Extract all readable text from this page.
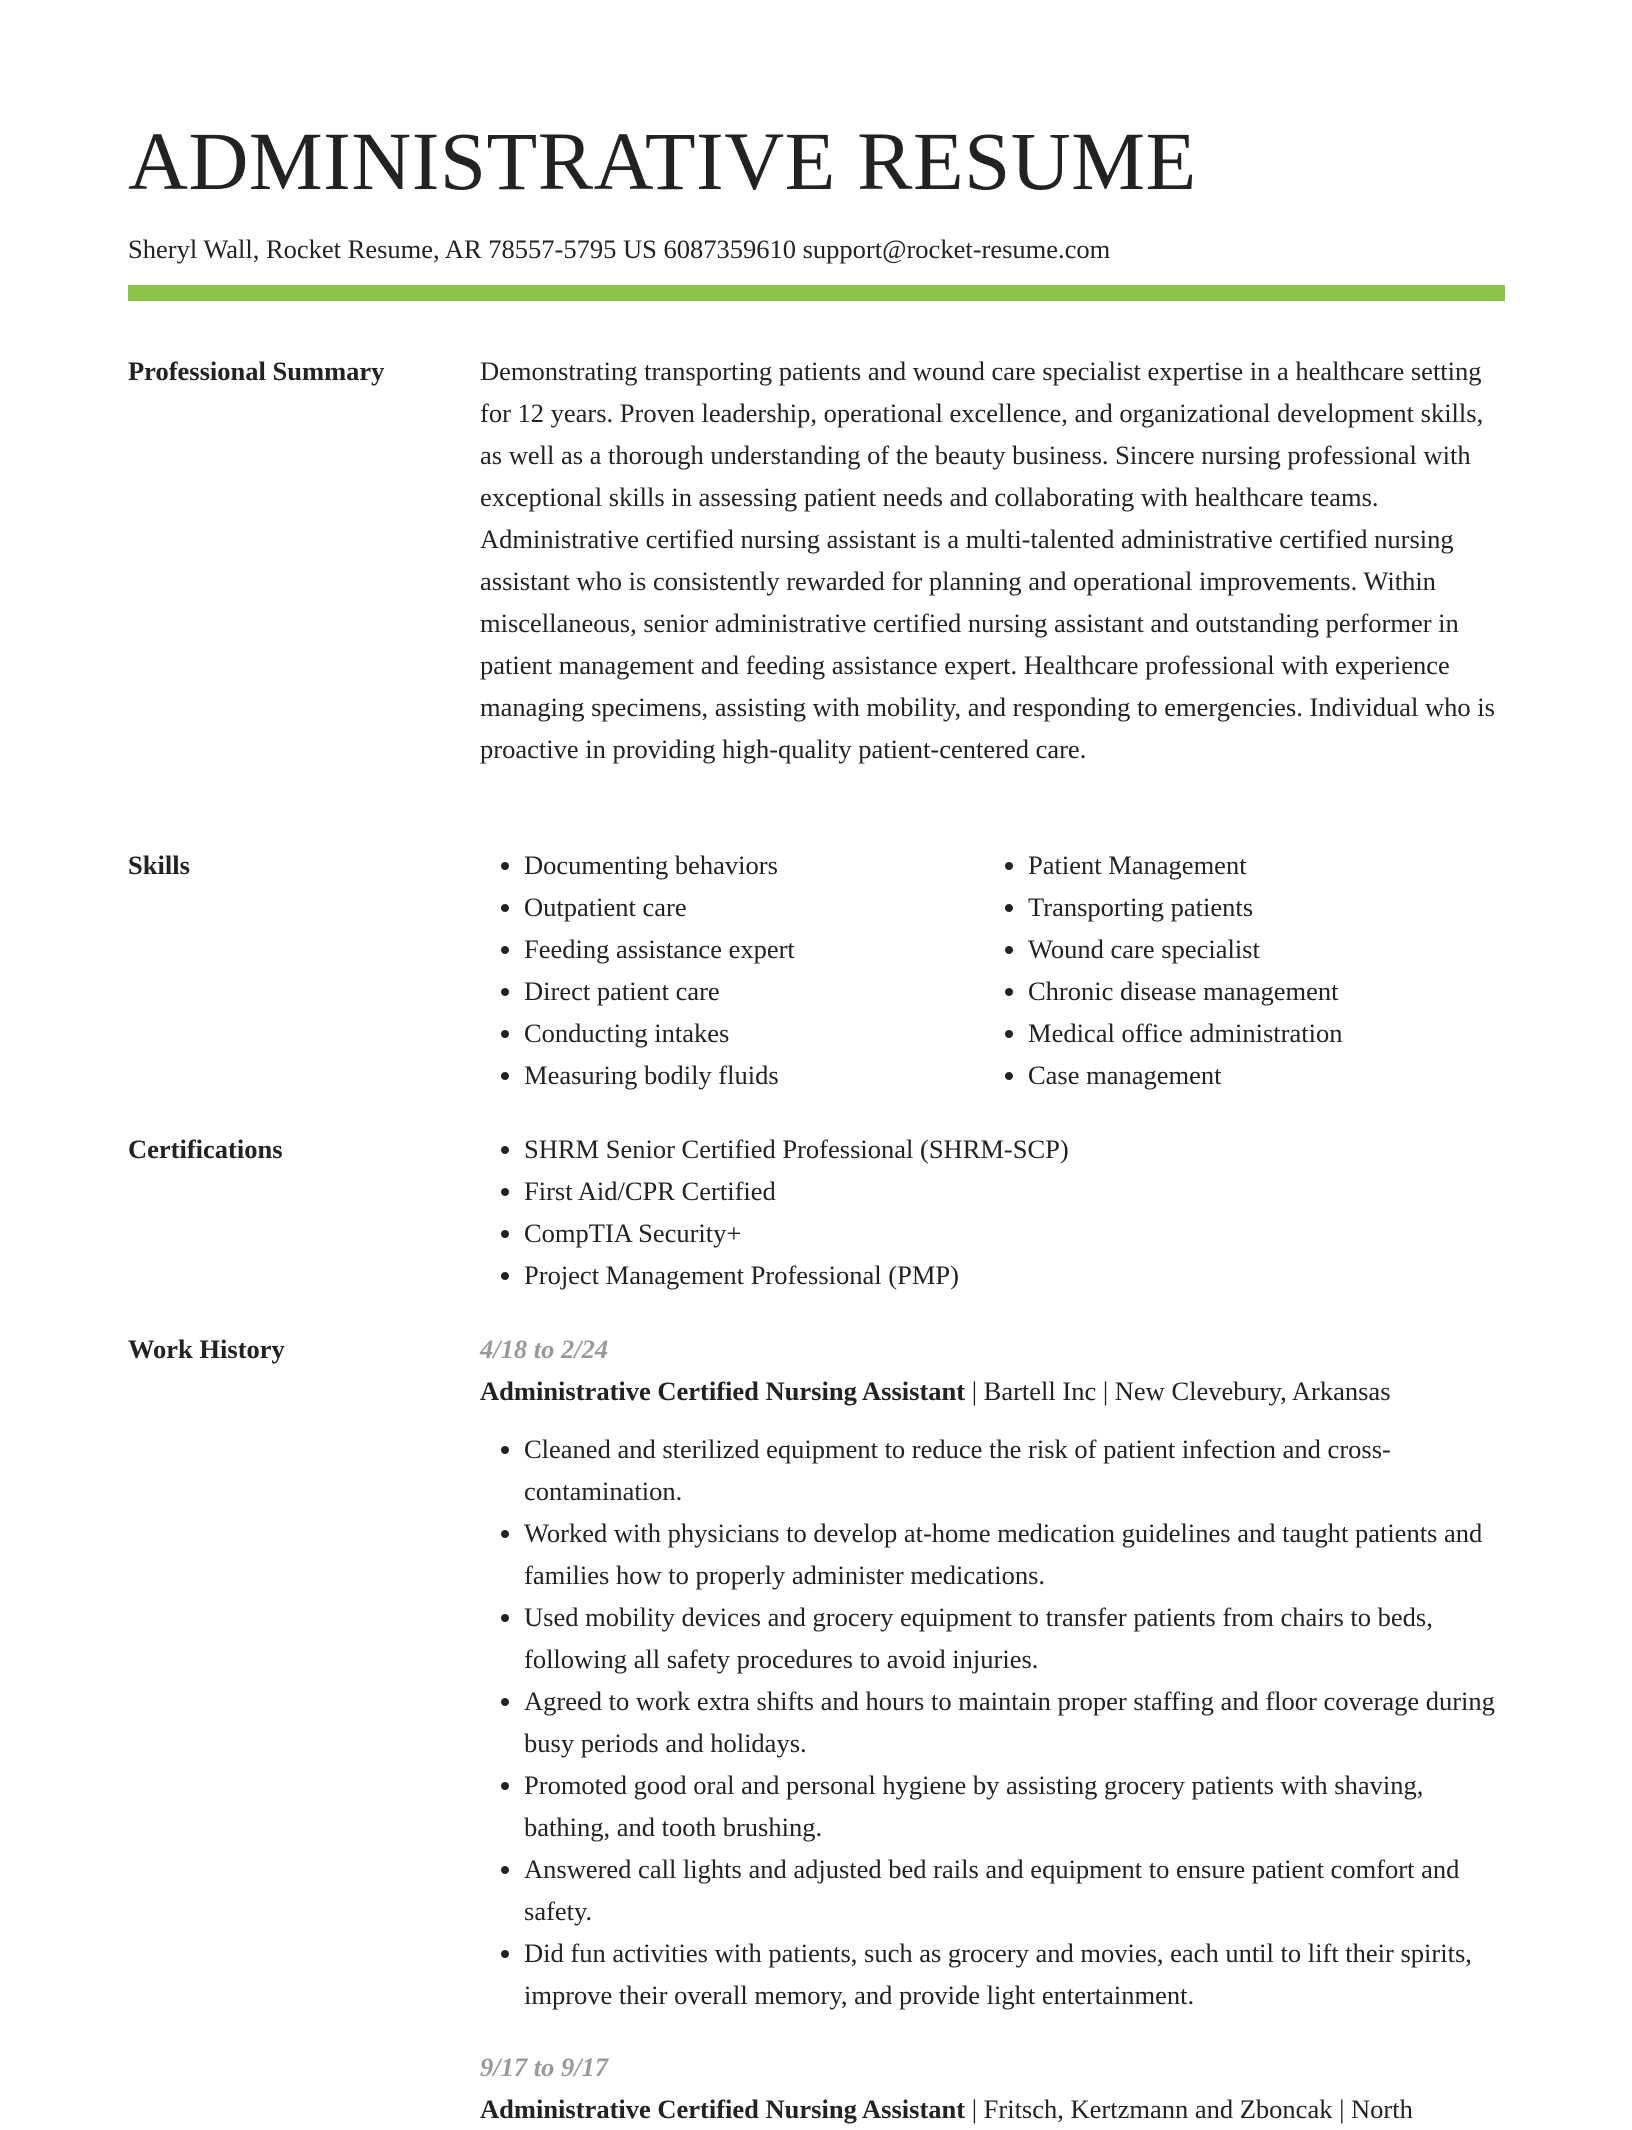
ADMINISTRATIVE RESUME
Sheryl Wall, Rocket Resume, AR 78557-5795 US 6087359610 support@rocket-resume.com
Professional Summary	Demonstrating transporting patients and wound care specialist expertise in a healthcare setting for 12 years. Proven leadership, operational excellence, and organizational development skills, as well as a thorough understanding of the beauty business. Sincere nursing professional with exceptional skills in assessing patient needs and collaborating with healthcare teams. Administrative certified nursing assistant is a multi-talented administrative certified nursing assistant who is consistently rewarded for planning and operational improvements. Within miscellaneous, senior administrative certified nursing assistant and outstanding performer in patient management and feeding assistance expert. Healthcare professional with experience managing specimens, assisting with mobility, and responding to emergencies. Individual who is proactive in providing high-quality patient-centered care.

Skills	• Documenting behaviors
• Outpatient care
• Feeding assistance expert
• Direct patient care
• Conducting intakes
• Measuring bodily fluids
• Patient Management
• Transporting patients
• Wound care specialist
• Chronic disease management
• Medical office administration
• Case management
Certifications	• SHRM Senior Certified Professional (SHRM-SCP)
• First Aid/CPR Certified
• CompTIA Security+
• Project Management Professional (PMP)
Work History	4/18 to 2/24
Administrative Certified Nursing Assistant | Bartell Inc | New Clevebury, Arkansas
• Cleaned and sterilized equipment to reduce the risk of patient infection and cross-contamination.
• Worked with physicians to develop at-home medication guidelines and taught patients and families how to properly administer medications.
• Used mobility devices and grocery equipment to transfer patients from chairs to beds, following all safety procedures to avoid injuries.
• Agreed to work extra shifts and hours to maintain proper staffing and floor coverage during busy periods and holidays.
• Promoted good oral and personal hygiene by assisting grocery patients with shaving, bathing, and tooth brushing.
• Answered call lights and adjusted bed rails and equipment to ensure patient comfort and safety.
• Did fun activities with patients, such as grocery and movies, each until to lift their spirits, improve their overall memory, and provide light entertainment.
9/17 to 9/17
Administrative Certified Nursing Assistant | Fritsch, Kertzmann and Zboncak | North
